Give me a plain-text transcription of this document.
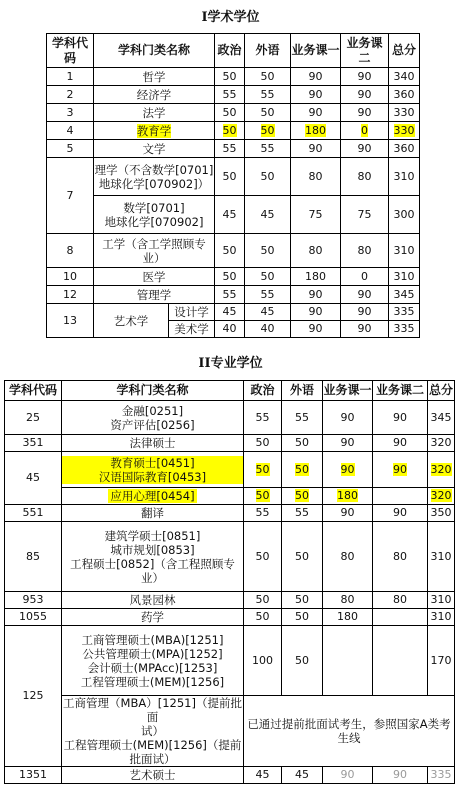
I学术学位
学科代码	学科门类名称		政治	外语	业务课一	业务课二	总分
1	哲学		50	50	90	90	340
2	经济学		55	55	90	90	360
3	法学		50	50	90	90	330
4	教育学		50	50	180	0	330
5	文学		55	55	90	90	360
7	理学（不含数学[0701]
地球化学[070902]）		50	50	80	80	310

	数学[0701]
地球化学[070902]		45	45	75	75	300
8	工学（含工学照顾专
业）		50	50	80	80	310
10	医学		50	50	180	0	310
12	管理学		55	55	90	90	345
13	艺术学	设计学	45	45	90	90	335
		美术学	40	40	90	90	335
II专业学位
学科代码	学科门类名称	政治	外语	业务课一	业务课二	总分
25	金融[0251]
资产评估[0256]	55	55	90	90	345
351	法律硕士	50	50	90	90	320
45	教育硕士[0451]
汉语国际教育[0453]	50	50	90	90	320
	应用心理[0454]	50	50	180		320
551	翻译	55	55	90	90	350
85	建筑学硕士[0851]
城市规划[0853]
工程硕士[0852]（含工程照顾专
业）	50	50	80	80	310
953	风景园林	50	50	80	80	310
1055	药学	50	50	180		310
125	工商管理硕士(MBA)[1251]
公共管理硕士(MPA)[1252]
会计硕士(MPAcc)[1253]
工程管理硕士(MEM)[1256]	100	50			170

	工商管理（MBA）[1251]（提前批面
试）
工程管理硕士(MEM)[1256]（提前
批面试）	已通过提前批面试考生，参照国家A类考
生线				

1351	艺术硕士	45	45	90	90	335
